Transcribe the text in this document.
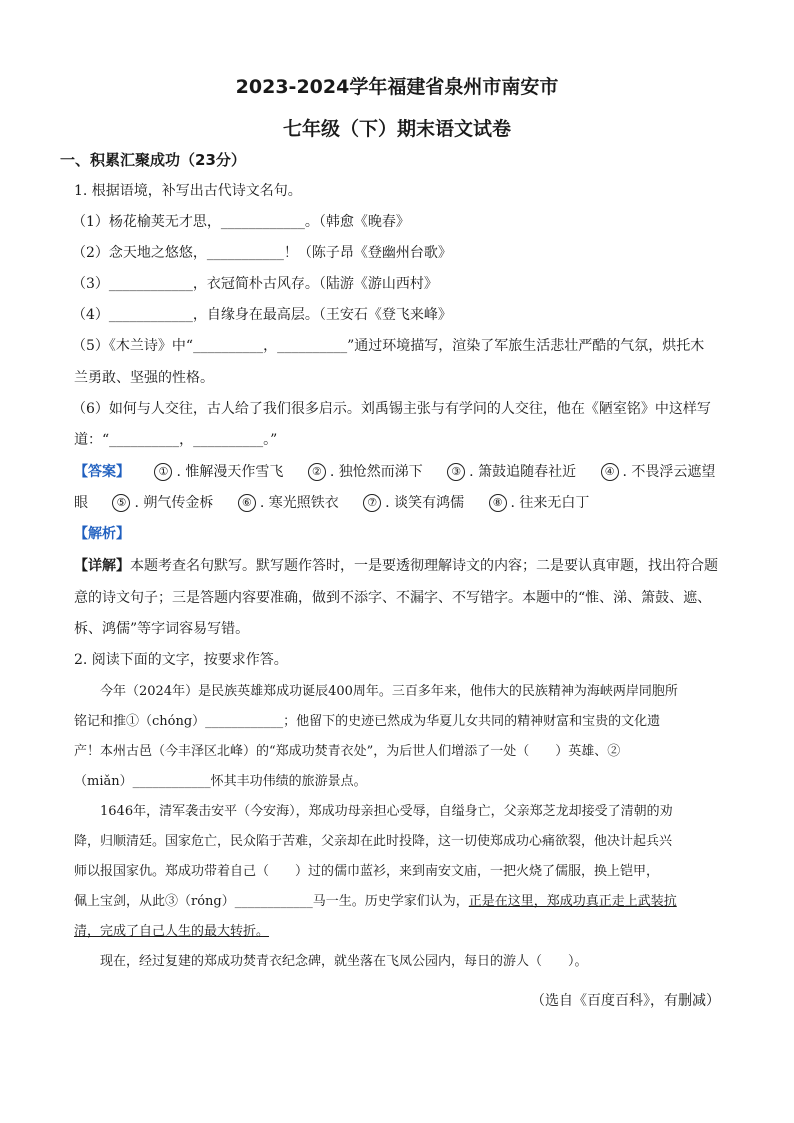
2023-2024学年福建省泉州市南安市
七年级（下）期末语文试卷
一、积累汇聚成功（23分）
1. 根据语境，补写出古代诗文名句。
（1）杨花榆荚无才思，____________。（韩愈《晚春》
（2）念天地之悠悠，___________！（陈子昂《登幽州台歌》
（3）____________，衣冠简朴古风存。（陆游《游山西村》
（4）____________，自缘身在最高层。（王安石《登飞来峰》
（5）《木兰诗》中“__________，__________”通过环境描写，渲染了军旅生活悲壮严酷的气氛，烘托木
兰勇敢、坚强的性格。
（6）如何与人交往，古人给了我们很多启示。刘禹锡主张与有学问的人交往，他在《陋室铭》中这样写
道：“__________，__________。”
【答案】	① . 惟解漫天作雪飞	② . 独怆然而涕下	③ . 箫鼓追随春社近	④ . 不畏浮云遮望
眼	⑤ . 朔气传金柝	⑥ . 寒光照铁衣	⑦ . 谈笑有鸿儒	⑧ . 往来无白丁
【解析】
【详解】本题考查名句默写。默写题作答时，一是要透彻理解诗文的内容；二是要认真审题，找出符合题
意的诗文句子；三是答题内容要准确，做到不添字、不漏字、不写错字。本题中的“惟、涕、箫鼓、遮、
柝、鸿儒”等字词容易写错。
2. 阅读下面的文字，按要求作答。
　　今年（2024年）是民族英雄郑成功诞辰400周年。三百多年来，他伟大的民族精神为海峡两岸同胞所
铭记和推①（chóng）____________；他留下的史迹已然成为华夏儿女共同的精神财富和宝贵的文化遗
产！本州古邑（今丰泽区北峰）的“郑成功焚青衣处”，为后世人们增添了一处（　　）英雄、②
（miǎn）____________怀其丰功伟绩的旅游景点。
　　1646年，清军袭击安平（今安海），郑成功母亲担心受辱，自缢身亡，父亲郑芝龙却接受了清朝的劝
降，归顺清廷。国家危亡，民众陷于苦难，父亲却在此时投降，这一切使郑成功心痛欲裂，他决计起兵兴
师以报国家仇。郑成功带着自己（　　）过的儒巾蓝衫，来到南安文庙，一把火烧了儒服，换上铠甲，
佩上宝剑，从此③（róng）____________马一生。历史学家们认为，正是在这里，郑成功真正走上武装抗
清，完成了自己人生的最大转折。
　　现在，经过复建的郑成功焚青衣纪念碑，就坐落在飞凤公园内，每日的游人（　　）。
（选自《百度百科》，有删减）
